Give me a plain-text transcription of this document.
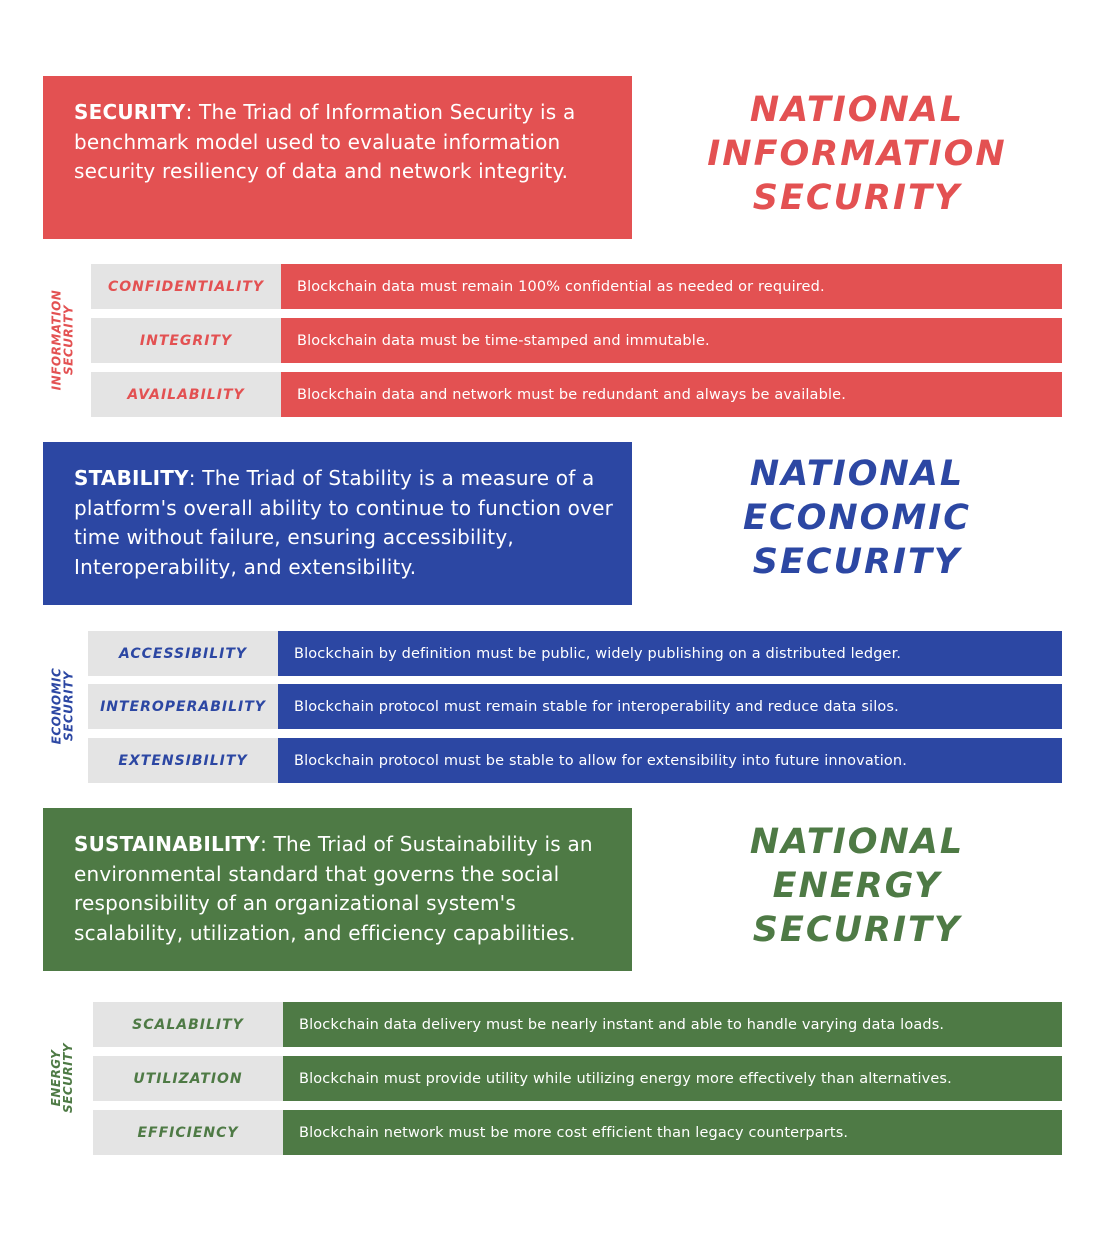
SECURITY: The Triad of Information Security is a benchmark model used to evaluate information security resiliency of data and network integrity.
NATIONAL
INFORMATION
SECURITY
INFORMATION
SECURITY
CONFIDENTIALITY	Blockchain data must remain 100% confidential as needed or required.
INTEGRITY	Blockchain data must be time-stamped and immutable.
AVAILABILITY	Blockchain data and network must be redundant and always be available.
STABILITY: The Triad of Stability is a measure of a platform's overall ability to continue to function over time without failure, ensuring accessibility, Interoperability, and extensibility.
NATIONAL
ECONOMIC
SECURITY
ECONOMIC
SECURITY
ACCESSIBILITY	Blockchain by definition must be public, widely publishing on a distributed ledger.
INTEROPERABILITY	Blockchain protocol must remain stable for interoperability and reduce data silos.
EXTENSIBILITY	Blockchain protocol must be stable to allow for extensibility into future innovation.
SUSTAINABILITY: The Triad of Sustainability is an environmental standard that governs the social responsibility of an organizational system's scalability, utilization, and efficiency capabilities.
NATIONAL
ENERGY
SECURITY
ENERGY
SECURITY
SCALABILITY	Blockchain data delivery must be nearly instant and able to handle varying data loads.
UTILIZATION	Blockchain must provide utility while utilizing energy more effectively than alternatives.
EFFICIENCY	Blockchain network must be more cost efficient than legacy counterparts.
